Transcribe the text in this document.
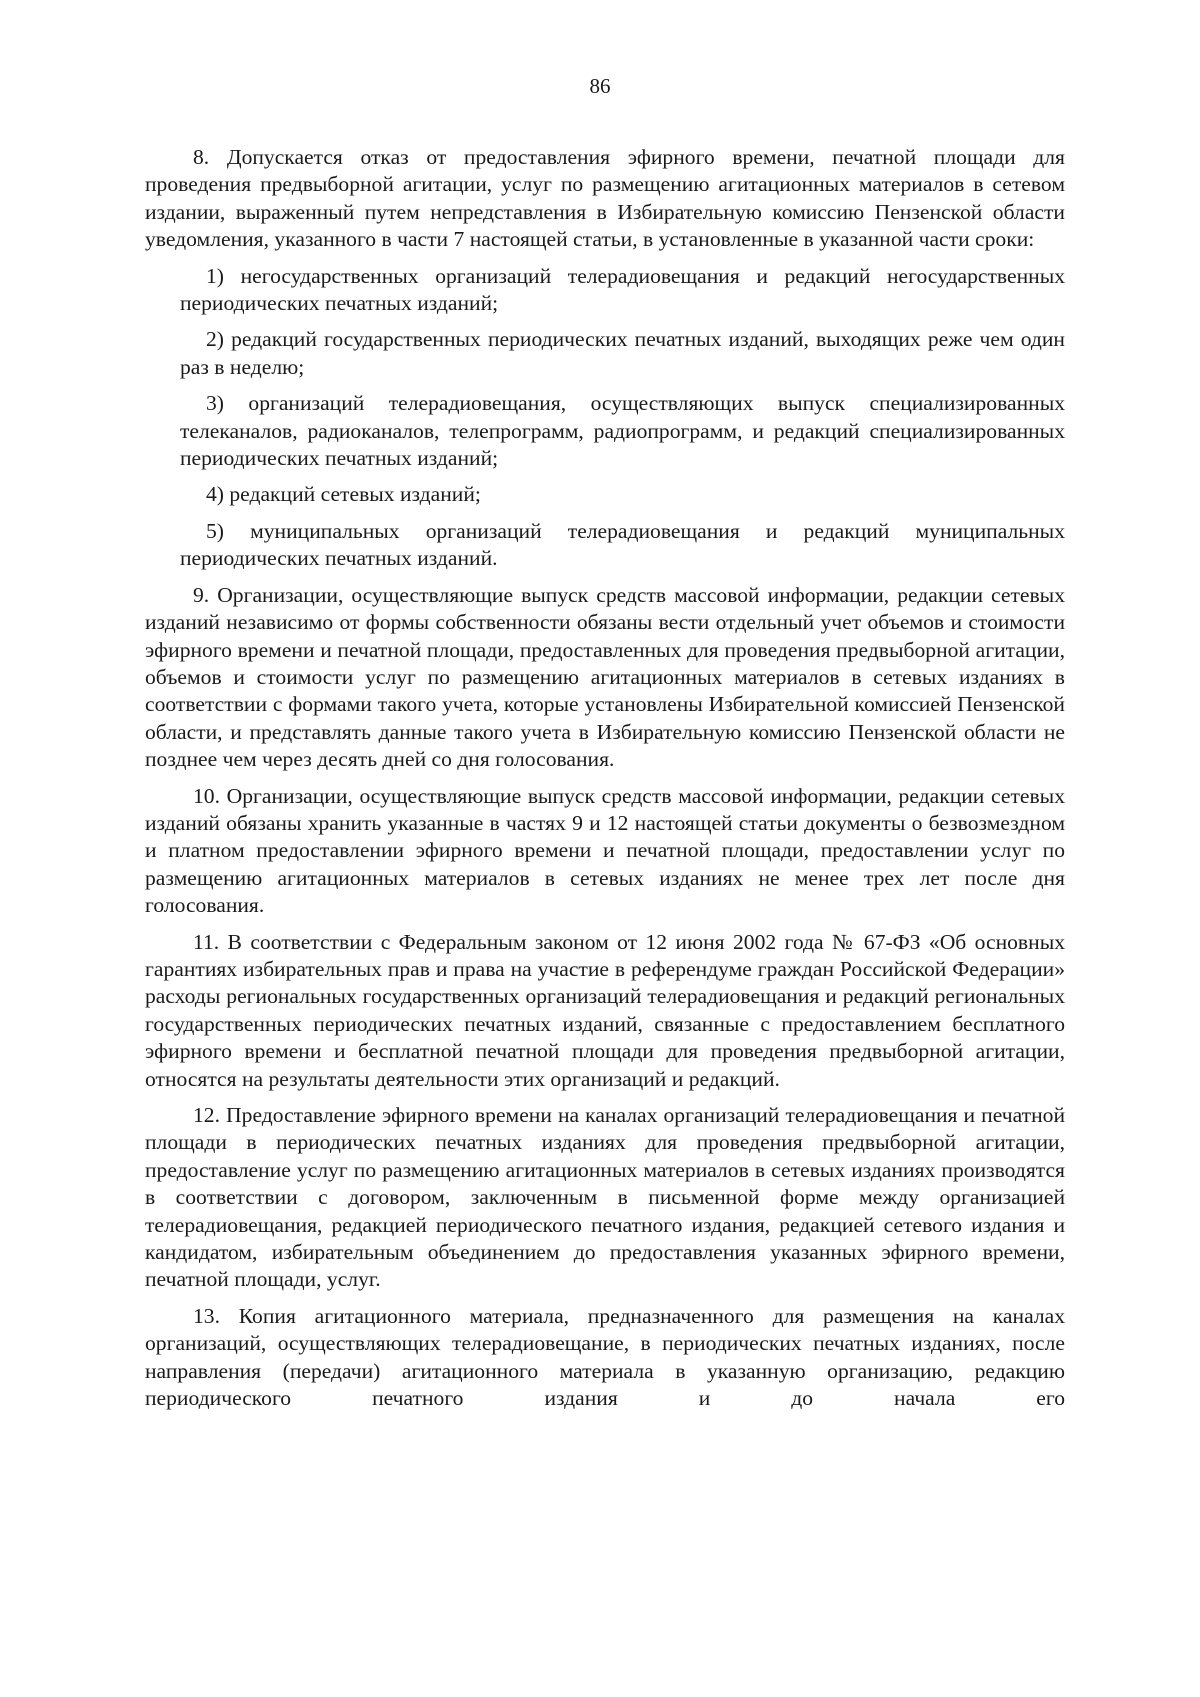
86

8. Допускается отказ от предоставления эфирного времени, печатной площади для проведения предвыборной агитации, услуг по размещению агитационных материалов в сетевом издании, выраженный путем непредставления в Избирательную комиссию Пензенской области уведомления, указанного в части 7 настоящей статьи, в установленные в указанной части сроки:

1) негосударственных организаций телерадиовещания и редакций негосударственных периодических печатных изданий;

2) редакций государственных периодических печатных изданий, выходящих реже чем один раз в неделю;

3) организаций телерадиовещания, осуществляющих выпуск специализированных телеканалов, радиоканалов, телепрограмм, радиопрограмм, и редакций специализированных периодических печатных изданий;

4) редакций сетевых изданий;

5) муниципальных организаций телерадиовещания и редакций муниципальных периодических печатных изданий.

9. Организации, осуществляющие выпуск средств массовой информации, редакции сетевых изданий независимо от формы собственности обязаны вести отдельный учет объемов и стоимости эфирного времени и печатной площади, предоставленных для проведения предвыборной агитации, объемов и стоимости услуг по размещению агитационных материалов в сетевых изданиях в соответствии с формами такого учета, которые установлены Избирательной комиссией Пензенской области, и представлять данные такого учета в Избирательную комиссию Пензенской области не позднее чем через десять дней со дня голосования.

10. Организации, осуществляющие выпуск средств массовой информации, редакции сетевых изданий обязаны хранить указанные в частях 9 и 12 настоящей статьи документы о безвозмездном и платном предоставлении эфирного времени и печатной площади, предоставлении услуг по размещению агитационных материалов в сетевых изданиях не менее трех лет после дня голосования.

11. В соответствии с Федеральным законом от 12 июня 2002 года № 67-ФЗ «Об основных гарантиях избирательных прав и права на участие в референдуме граждан Российской Федерации» расходы региональных государственных организаций телерадиовещания и редакций региональных государственных периодических печатных изданий, связанные с предоставлением бесплатного эфирного времени и бесплатной печатной площади для проведения предвыборной агитации, относятся на результаты деятельности этих организаций и редакций.

12. Предоставление эфирного времени на каналах организаций телерадиовещания и печатной площади в периодических печатных изданиях для проведения предвыборной агитации, предоставление услуг по размещению агитационных материалов в сетевых изданиях производятся в соответствии с договором, заключенным в письменной форме между организацией телерадиовещания, редакцией периодического печатного издания, редакцией сетевого издания и кандидатом, избирательным объединением до предоставления указанных эфирного времени, печатной площади, услуг.

13. Копия агитационного материала, предназначенного для размещения на каналах организаций, осуществляющих телерадиовещание, в периодических печатных изданиях, после направления (передачи) агитационного материала в указанную организацию, редакцию периодического печатного издания и до начала его
